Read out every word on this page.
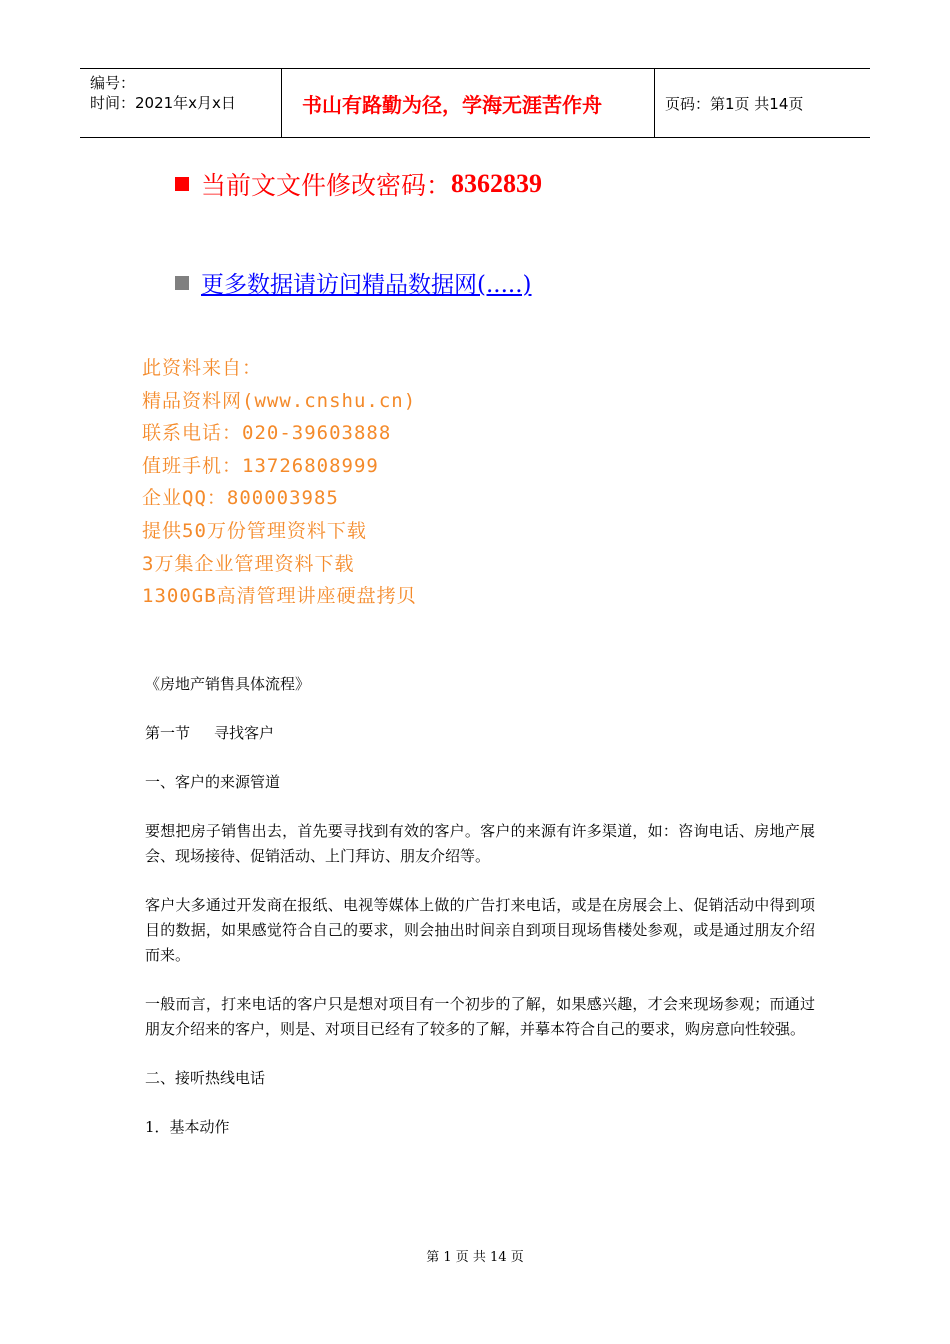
编号：
时间：2021年x月x日	书山有路勤为径，学海无涯苦作舟	页码：第1页 共14页
当前文文件修改密码： 8362839
更多数据请访问精品数据网(.....)
此资料来自：
精品资料网(www.cnshu.cn)
联系电话：020-39603888
值班手机：13726808999
企业QQ：800003985
提供50万份管理资料下载
3万集企业管理资料下载
1300GB高清管理讲座硬盘拷贝

《房地产销售具体流程》

第一节 寻找客户

一、客户的来源管道

要想把房子销售出去，首先要寻找到有效的客户。客户的来源有许多渠道，如：咨询电话、房地产展会、现场接待、促销活动、上门拜访、朋友介绍等。

客户大多通过开发商在报纸、电视等媒体上做的广告打来电话，或是在房展会上、促销活动中得到项目的数据，如果感觉符合自己的要求，则会抽出时间亲自到项目现场售楼处参观，或是通过朋友介绍而来。

一般而言，打来电话的客户只是想对项目有一个初步的了解，如果感兴趣，才会来现场参观；而通过朋友介绍来的客户，则是、对项目已经有了较多的了解，并摹本符合自己的要求，购房意向性较强。

二、接听热线电话

1．基本动作

第 1 页 共 14 页
